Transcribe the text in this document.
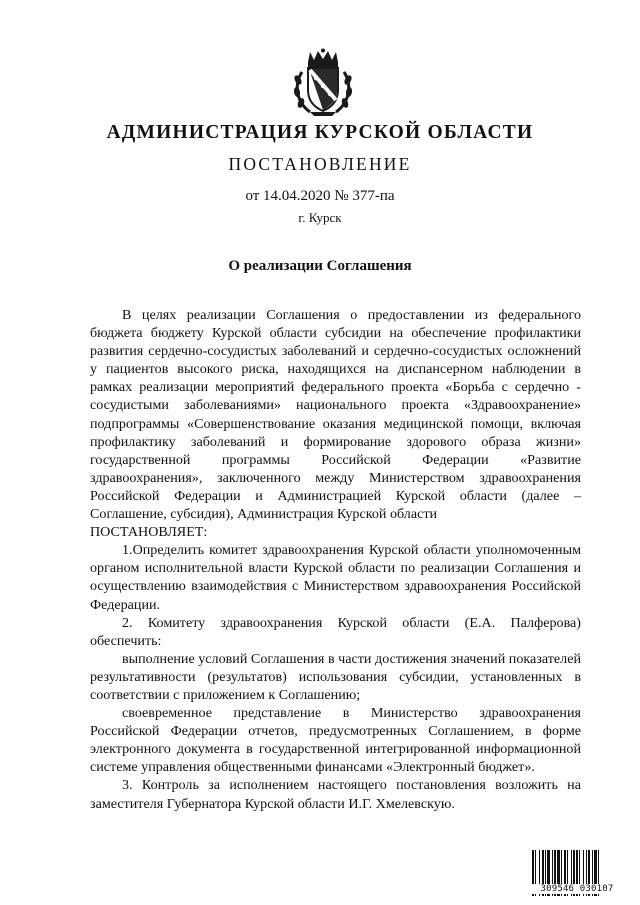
АДМИНИСТРАЦИЯ КУРСКОЙ ОБЛАСТИ
ПОСТАНОВЛЕНИЕ
от 14.04.2020 № 377-па
г. Курск
О реализации Соглашения

В целях реализации Соглашения о предоставлении из федерального бюджета бюджету Курской области субсидии на обеспечение профилактики развития сердечно-сосудистых заболеваний и сердечно-сосудистых осложнений у пациентов высокого риска, находящихся на диспансерном наблюдении в рамках реализации мероприятий федерального проекта «Борьба с сердечно - сосудистыми заболеваниями» национального проекта «Здравоохранение» подпрограммы «Совершенствование оказания медицинской помощи, включая профилактику заболеваний и формирование здорового образа жизни» государственной программы Российской Федерации «Развитие здравоохранения», заключенного между Министерством здравоохранения Российской Федерации и Администрацией Курской области (далее – Соглашение, субсидия), Администрация Курской области

ПОСТАНОВЛЯЕТ:

1.Определить комитет здравоохранения Курской области уполномоченным органом исполнительной власти Курской области по реализации Соглашения и осуществлению взаимодействия с Министерством здравоохранения Российской Федерации.

2. Комитету здравоохранения Курской области (Е.А. Палферова) обеспечить:

выполнение условий Соглашения в части достижения значений показателей результативности (результатов) использования субсидии, установленных в соответствии с приложением к Соглашению;

своевременное представление в Министерство здравоохранения Российской Федерации отчетов, предусмотренных Соглашением, в форме электронного документа в государственной интегрированной информационной системе управления общественными финансами «Электронный бюджет».

3. Контроль за исполнением настоящего постановления возложить на заместителя Губернатора Курской области И.Г. Хмелевскую.

309546 030107
